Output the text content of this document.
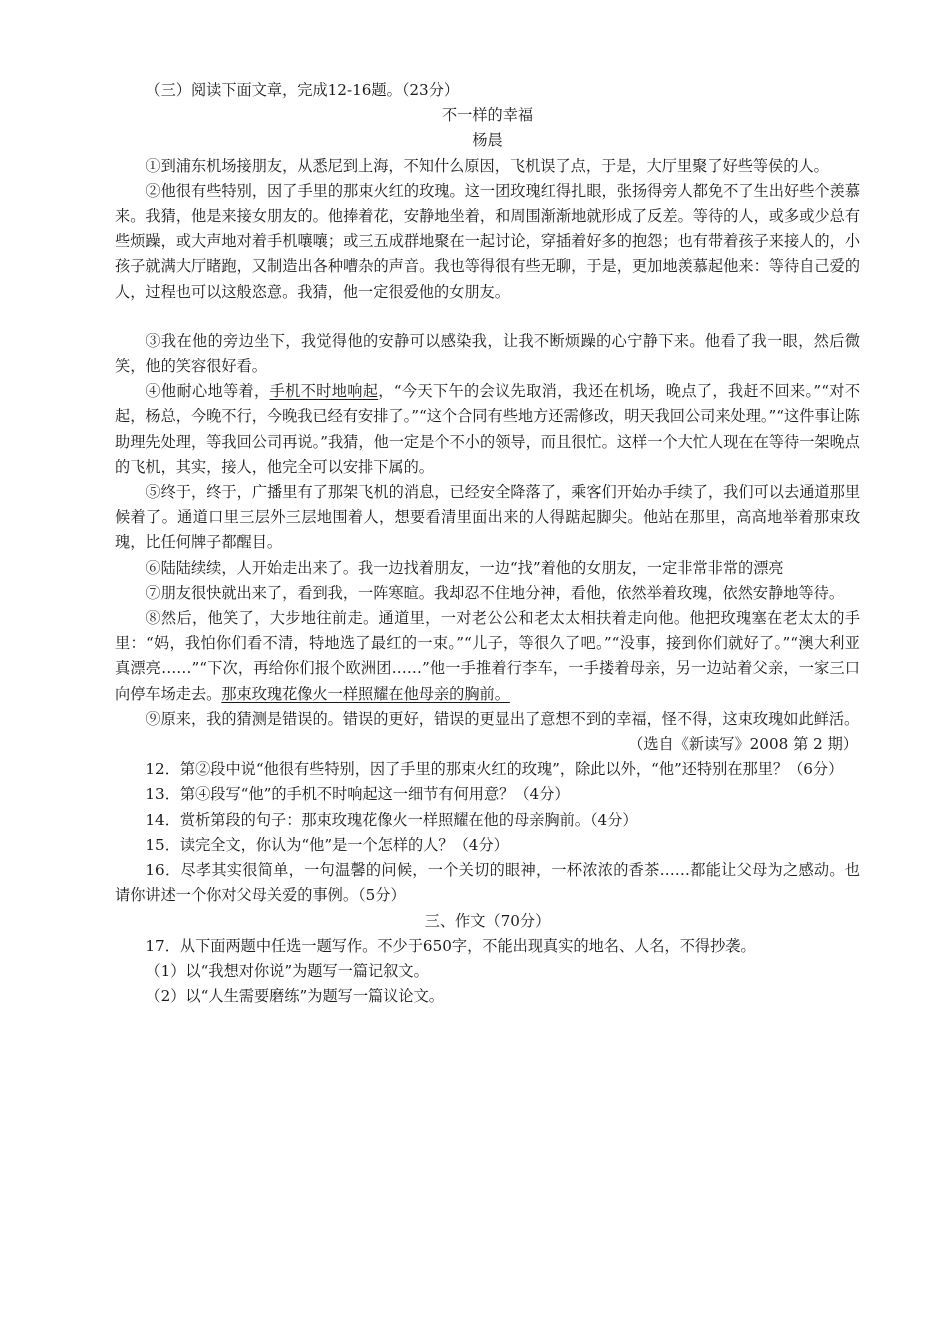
（三）阅读下面文章，完成12-16题。（23分）
不一样的幸福
杨晨
①到浦东机场接朋友，从悉尼到上海，不知什么原因，飞机误了点，于是，大厅里聚了好些等侯的人。
②他很有些特别，因了手里的那束火红的玫瑰。这一团玫瑰红得扎眼，张扬得旁人都免不了生出好些个羡慕来。我猜，他是来接女朋友的。他捧着花，安静地坐着，和周围渐渐地就形成了反差。等待的人，或多或少总有些烦躁，或大声地对着手机嚷嚷；或三五成群地聚在一起讨论，穿插着好多的抱怨；也有带着孩子来接人的，小孩子就满大厅睹跑，又制造出各种嘈杂的声音。我也等得很有些无聊，于是，更加地羡慕起他来：等待自己爱的人，过程也可以这般恣意。我猜，他一定很爱他的女朋友。
③我在他的旁边坐下，我觉得他的安静可以感染我，让我不断烦躁的心宁静下来。他看了我一眼，然后微笑，他的笑容很好看。
④他耐心地等着，手机不时地响起，“今天下午的会议先取消，我还在机场，晚点了，我赶不回来。”“对不起，杨总，今晚不行，今晚我已经有安排了。”“这个合同有些地方还需修改，明天我回公司来处理。”“这件事让陈助理先处理，等我回公司再说。”我猜，他一定是个不小的领导，而且很忙。这样一个大忙人现在在等待一架晚点的飞机，其实，接人，他完全可以安排下属的。
⑤终于，终于，广播里有了那架飞机的消息，已经安全降落了，乘客们开始办手续了，我们可以去通道那里候着了。通道口里三层外三层地围着人，想要看清里面出来的人得踮起脚尖。他站在那里，高高地举着那束玫瑰，比任何牌子都醒目。
⑥陆陆续续，人开始走出来了。我一边找着朋友，一边“找”着他的女朋友，一定非常非常的漂亮
⑦朋友很快就出来了，看到我，一阵寒暄。我却忍不住地分神，看他，依然举着玫瑰，依然安静地等待。
⑧然后，他笑了，大步地往前走。通道里，一对老公公和老太太相扶着走向他。他把玫瑰塞在老太太的手里：“妈，我怕你们看不清，特地选了最红的一束。”“儿子，等很久了吧。”“没事，接到你们就好了。”“澳大利亚真漂亮……”“下次，再给你们报个欧洲团……”他一手推着行李车，一手搂着母亲，另一边站着父亲，一家三口向停车场走去。那束玫瑰花像火一样照耀在他母亲的胸前。
⑨原来，我的猜测是错误的。错误的更好，错误的更显出了意想不到的幸福，怪不得，这束玫瑰如此鲜活。
（选自《新读写》2008 第 2 期）
12．第②段中说“他很有些特别，因了手里的那束火红的玫瑰”，除此以外，“他”还特别在那里？（6分）
13．第④段写“他”的手机不时响起这一细节有何用意？（4分）
14．赏析第段的句子：那束玫瑰花像火一样照耀在他的母亲胸前。（4分）
15．读完全文，你认为“他”是一个怎样的人？（4分）
16．尽孝其实很简单，一句温馨的问候，一个关切的眼神，一杯浓浓的香茶……都能让父母为之感动。也请你讲述一个你对父母关爱的事例。（5分）
三、作文（70分）
17．从下面两题中任选一题写作。不少于650字，不能出现真实的地名、人名，不得抄袭。
（1）以“我想对你说”为题写一篇记叙文。
（2）以“人生需要磨练”为题写一篇议论文。
